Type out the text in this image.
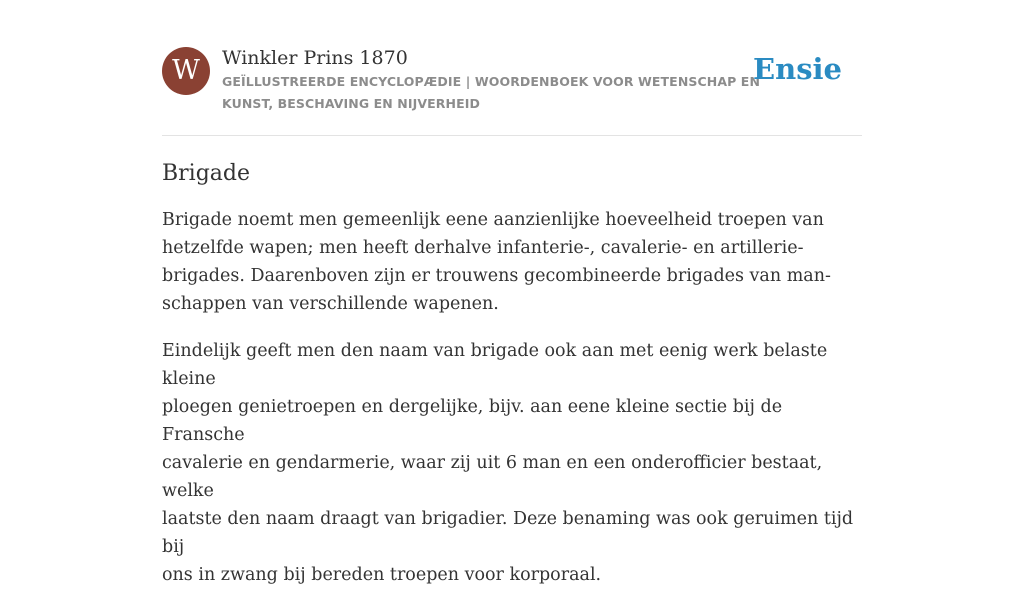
W	Winkler Prins 1870
GEÏLLUSTREERDE ENCYCLOPÆDIE | WOORDENBOEK VOOR WETENSCHAP EN
KUNST, BESCHAVING EN NIJVERHEID
Ensie
Brigade

Brigade noemt men gemeenlijk eene aanzienlijke hoeveelheid troepen van
hetzelfde wapen; men heeft derhalve infanterie-, cavalerie- en artillerie-
brigades. Daarenboven zijn er trouwens gecombineerde brigades van man-
schappen van verschillende wapenen.

Eindelijk geeft men den naam van brigade ook aan met eenig werk belaste kleine
ploegen genietroepen en dergelijke, bijv. aan eene kleine sectie bij de Fransche
cavalerie en gendarmerie, waar zij uit 6 man en een onderofficier bestaat, welke
laatste den naam draagt van brigadier. Deze benaming was ook geruimen tijd bij
ons in zwang bij bereden troepen voor korporaal.
